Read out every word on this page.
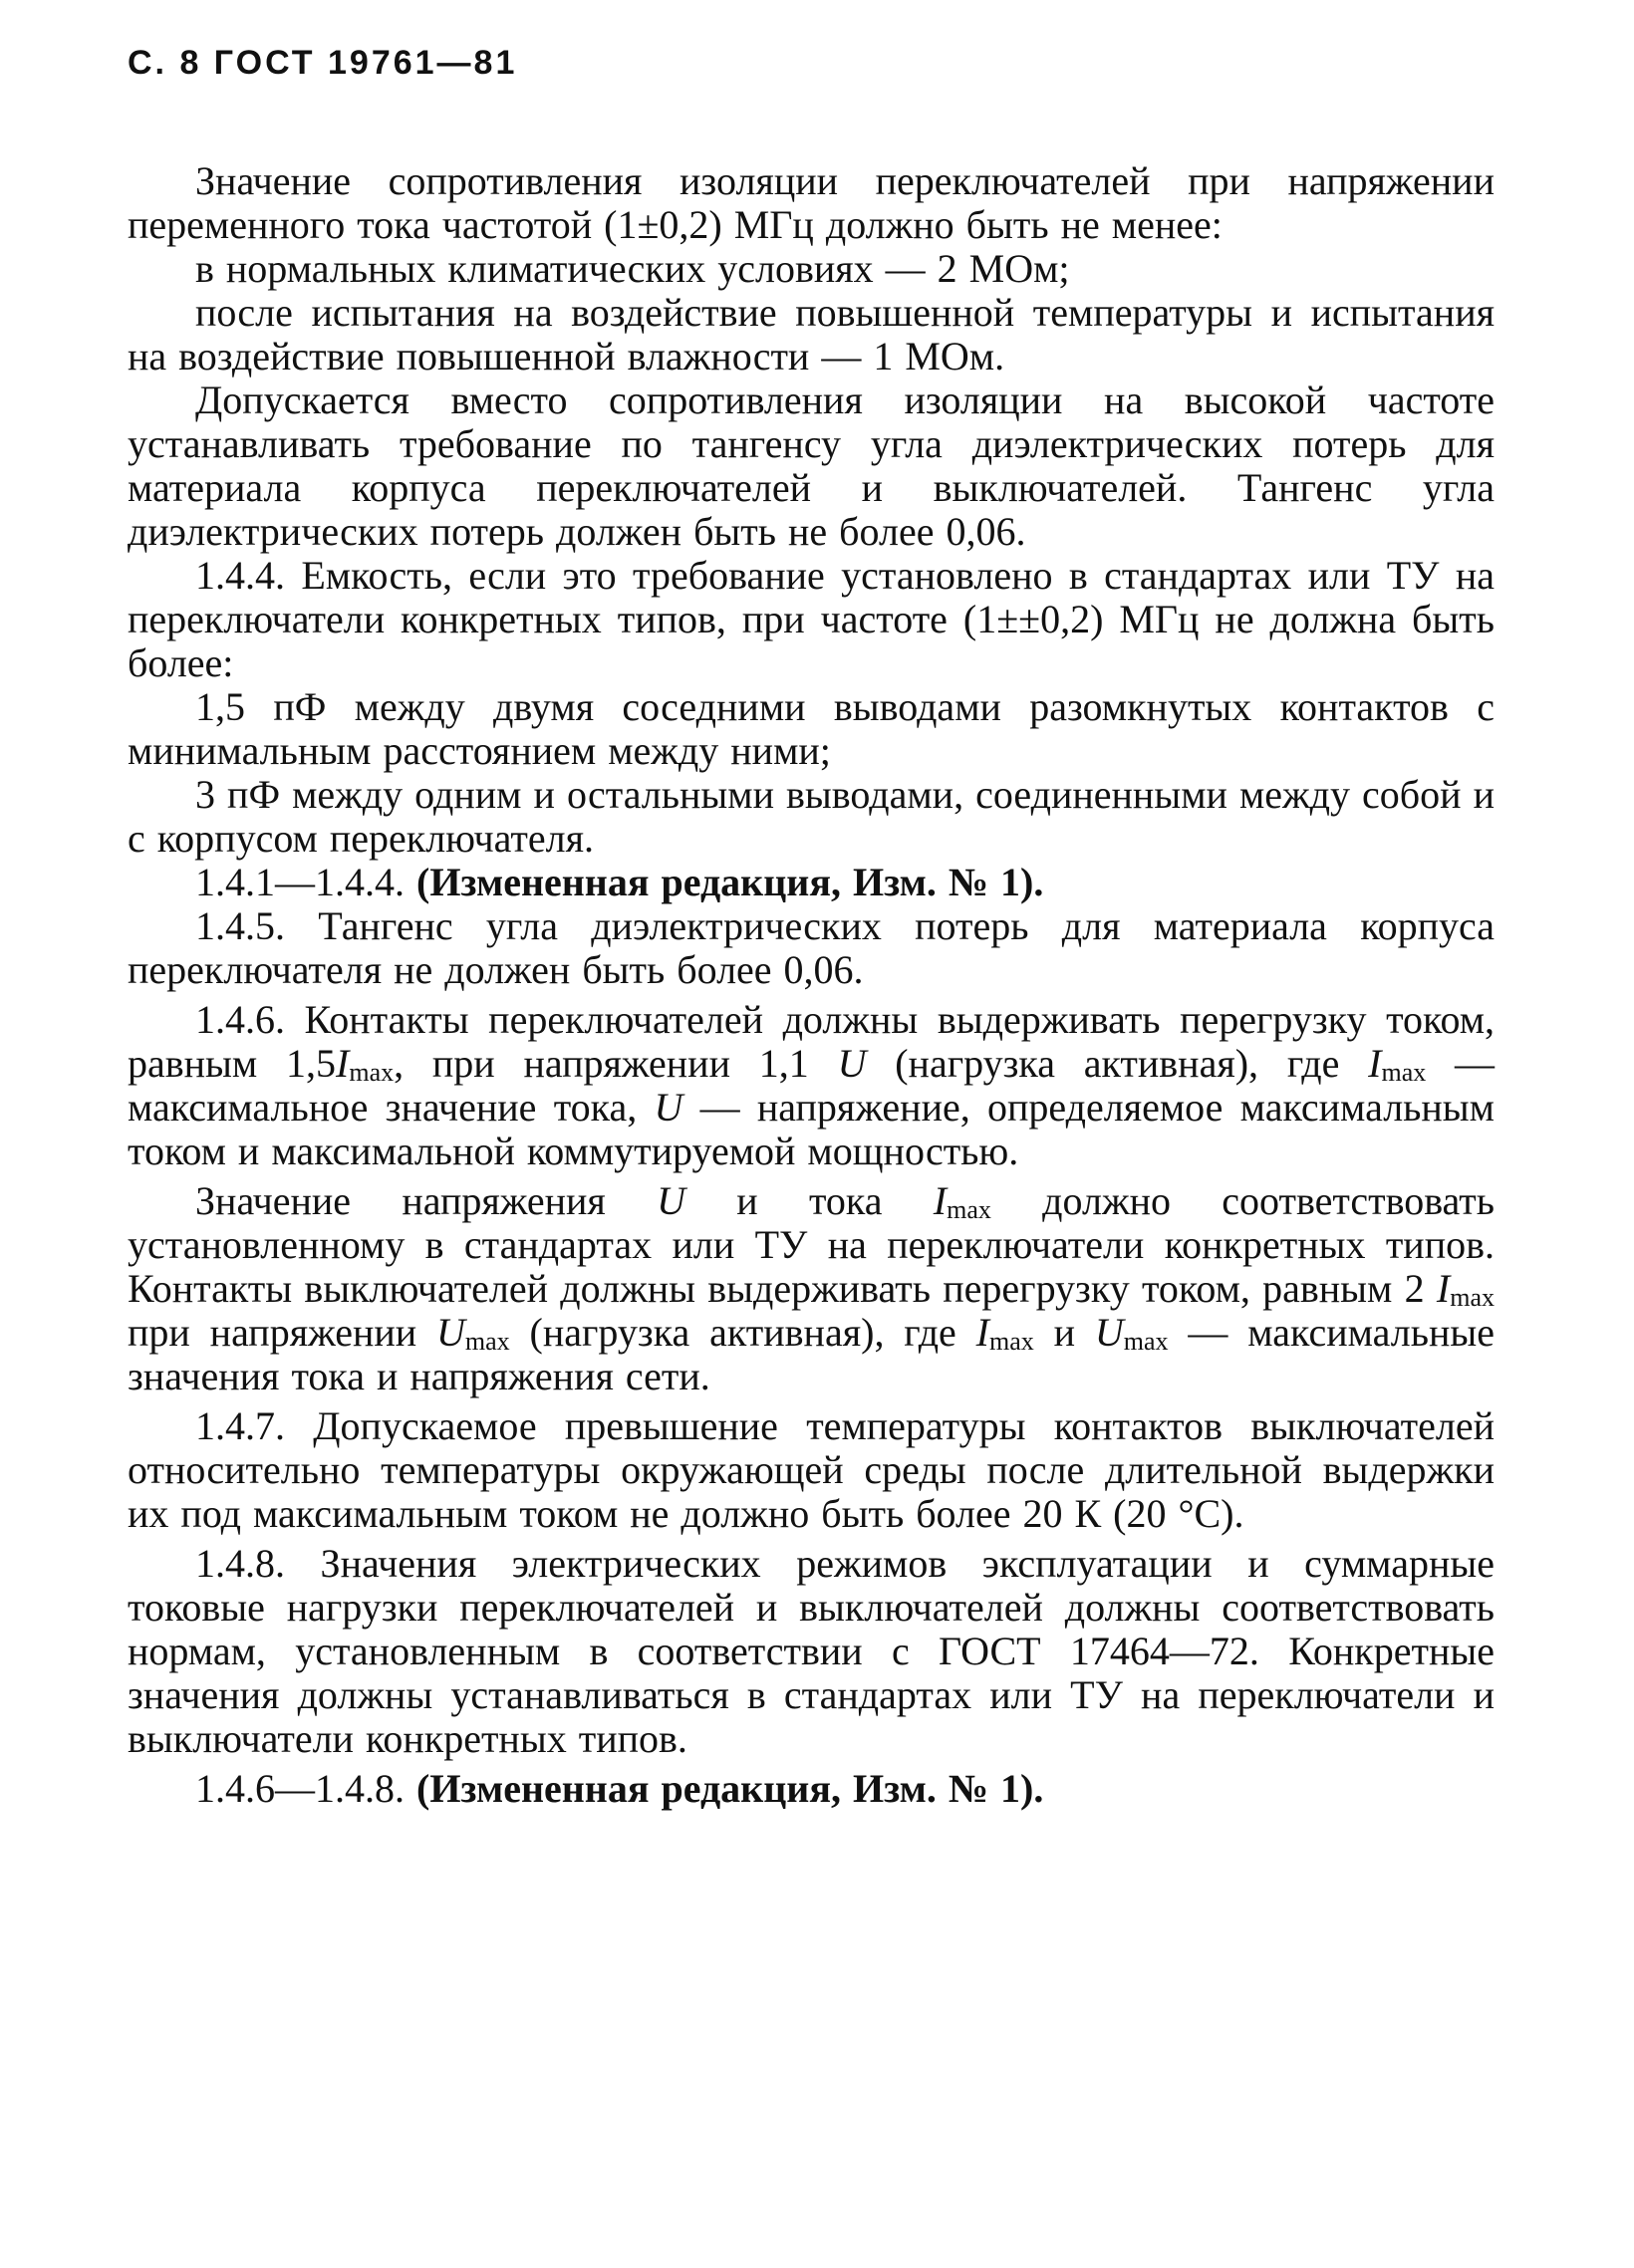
С. 8 ГОСТ 19761—81

Значение сопротивления изоляции переключателей при напряжении переменного тока частотой (1±0,2) МГц должно быть не менее:

в нормальных климатических условиях — 2 МОм;

после испытания на воздействие повышенной температуры и испытания на воздействие повышенной влажности — 1 МОм.

Допускается вместо сопротивления изоляции на высокой частоте устанавливать требование по тангенсу угла диэлектрических потерь для материала корпуса переключателей и выключателей. Тангенс угла диэлектрических потерь должен быть не более 0,06.

1.4.4. Емкость, если это требование установлено в стандартах или ТУ на переключатели конкретных типов, при частоте (1±±0,2) МГц не должна быть более:

1,5 пФ между двумя соседними выводами разомкнутых контактов с минимальным расстоянием между ними;

3 пФ между одним и остальными выводами, соединенными между собой и с корпусом переключателя.

1.4.1—1.4.4. (Измененная редакция, Изм. № 1).

1.4.5. Тангенс угла диэлектрических потерь для материала корпуса переключателя не должен быть более 0,06.

1.4.6. Контакты переключателей должны выдерживать перегрузку током, равным $1,5I_{max}$, при напряжении 1,1 U (нагрузка активная), где $I_{max}$ — максимальное значение тока, U — напряжение, определяемое максимальным током и максимальной коммутируемой мощностью.

Значение напряжения U и тока $I_{max}$ должно соответствовать установленному в стандартах или ТУ на переключатели конкретных типов. Контакты выключателей должны выдерживать перегрузку током, равным 2 $I_{max}$ при напряжении $U_{max}$ (нагрузка активная), где $I_{max}$ и $U_{max}$ — максимальные значения тока и напряжения сети.

1.4.7. Допускаемое превышение температуры контактов выключателей относительно температуры окружающей среды после длительной выдержки их под максимальным током не должно быть более 20 К (20 °С).

1.4.8. Значения электрических режимов эксплуатации и суммарные токовые нагрузки переключателей и выключателей должны соответствовать нормам, установленным в соответствии с ГОСТ 17464—72. Конкретные значения должны устанавливаться в стандартах или ТУ на переключатели и выключатели конкретных типов.

1.4.6—1.4.8. (Измененная редакция, Изм. № 1).
